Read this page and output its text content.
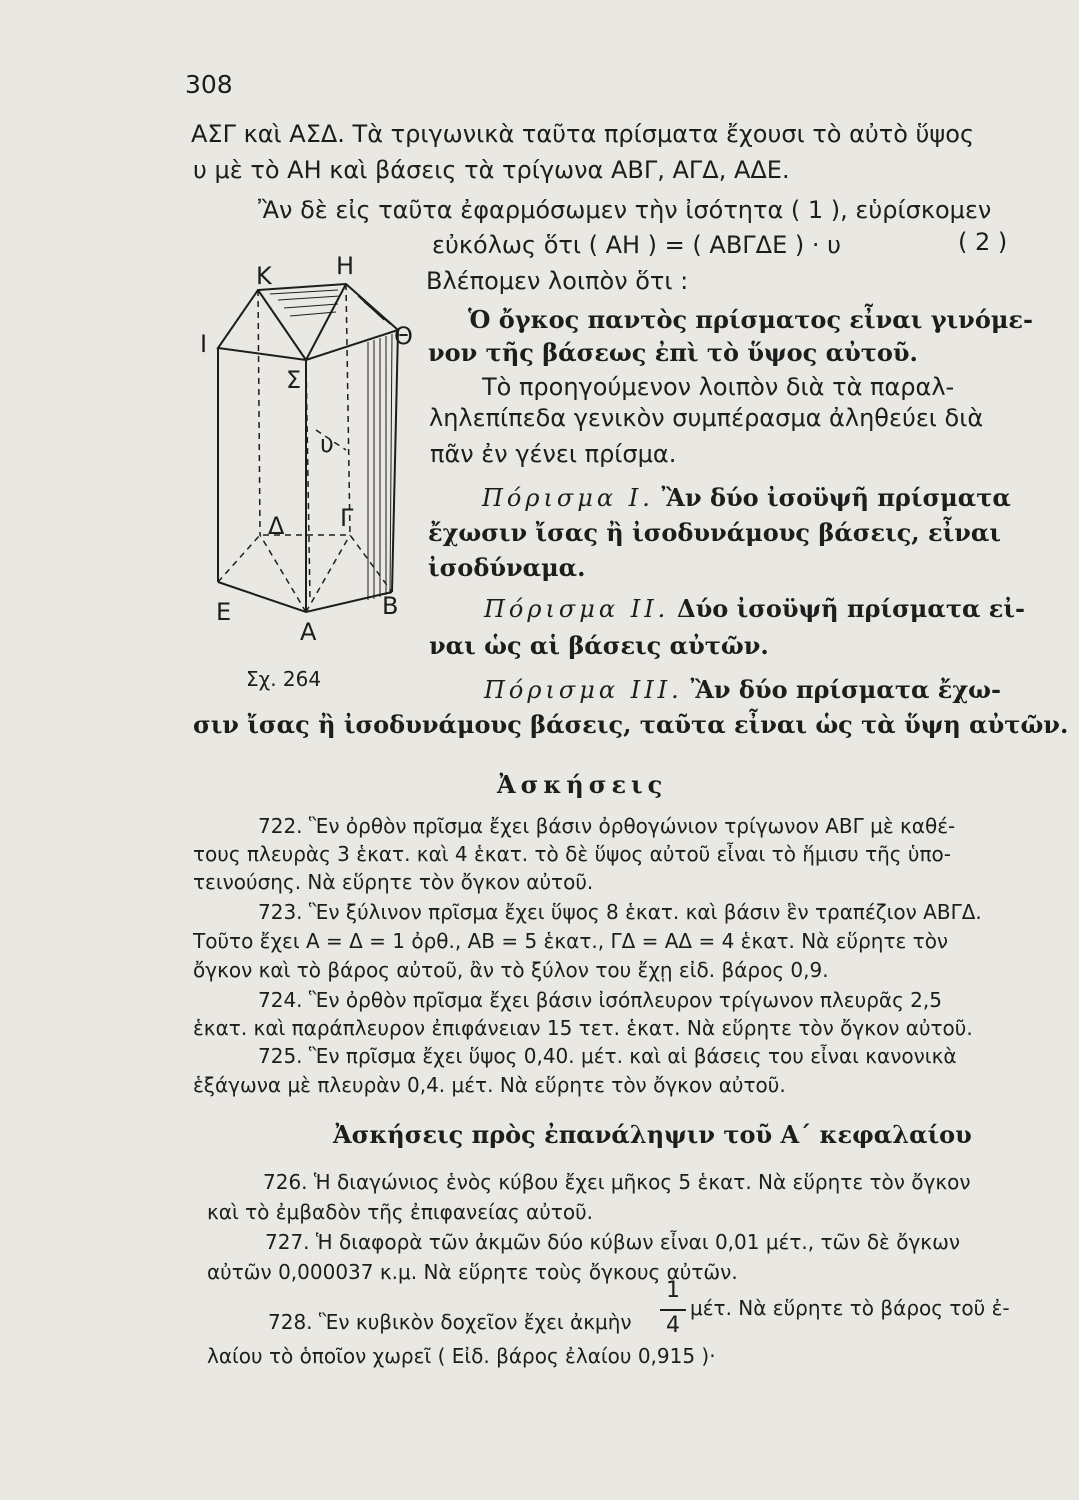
308
ΑΣΓ καὶ ΑΣΔ. Τὰ τριγωνικὰ ταῦτα πρίσματα ἔχουσι τὸ αὐτὸ ὕψος
υ μὲ τὸ ΑΗ καὶ βάσεις τὰ τρίγωνα ΑΒΓ, ΑΓΔ, ΑΔΕ.
Ἂν δὲ εἰς ταῦτα ἐφαρμόσωμεν τὴν ἰσότητα ( 1 ), εὑρίσκομεν
εὐκόλως ὅτι ( ΑΗ ) = ( ΑΒΓΔΕ ) · υ	( 2 )
Βλέπομεν λοιπὸν ὅτι :
Ὁ ὄγκος παντὸς πρίσματος εἶναι γινόμε-
νον τῆς βάσεως ἐπὶ τὸ ὕψος αὐτοῦ.
Τὸ προηγούμενον λοιπὸν διὰ τὰ παραλ-
ληλεπίπεδα γενικὸν συμπέρασμα ἀληθεύει διὰ
πᾶν ἐν γένει πρίσμα.
Πόρισμα Ι. Ἂν δύο ἰσοϋψῆ πρίσματα
ἔχωσιν ἴσας ἢ ἰσοδυνάμους βάσεις, εἶναι
ἰσοδύναμα.
Πόρισμα ΙΙ. Δύο ἰσοϋψῆ πρίσματα εἰ-
ναι ὡς αἱ βάσεις αὐτῶν.
Πόρισμα ΙΙΙ. Ἂν δύο πρίσματα ἔχω-
σιν ἴσας ἢ ἰσοδυνάμους βάσεις, ταῦτα εἶναι ὡς τὰ ὕψη αὐτῶν.
Ἀσκήσεις
722. Ἓν ὀρθὸν πρῖσμα ἔχει βάσιν ὀρθογώνιον τρίγωνον ΑΒΓ μὲ καθέ-
τους πλευρὰς 3 ἑκατ. καὶ 4 ἑκατ. τὸ δὲ ὕψος αὐτοῦ εἶναι τὸ ἥμισυ τῆς ὑπο-
τεινούσης. Νὰ εὕρητε τὸν ὄγκον αὐτοῦ.
723. Ἓν ξύλινον πρῖσμα ἔχει ὕψος 8 ἑκατ. καὶ βάσιν ἓν τραπέζιον ΑΒΓΔ.
Τοῦτο ἔχει Α = Δ = 1 ὀρθ., ΑΒ = 5 ἑκατ., ΓΔ = ΑΔ = 4 ἑκατ. Νὰ εὕρητε τὸν
ὄγκον καὶ τὸ βάρος αὐτοῦ, ἂν τὸ ξύλον του ἔχῃ εἰδ. βάρος 0,9.
724. Ἓν ὀρθὸν πρῖσμα ἔχει βάσιν ἰσόπλευρον τρίγωνον πλευρᾶς 2,5
ἑκατ. καὶ παράπλευρον ἐπιφάνειαν 15 τετ. ἑκατ. Νὰ εὕρητε τὸν ὄγκον αὐτοῦ.
725. Ἓν πρῖσμα ἔχει ὕψος 0,40. μέτ. καὶ αἱ βάσεις του εἶναι κανονικὰ
ἑξάγωνα μὲ πλευρὰν 0,4. μέτ. Νὰ εὕρητε τὸν ὄγκον αὐτοῦ.
Ἀσκήσεις πρὸς ἐπανάληψιν τοῦ Α΄ κεφαλαίου
726. Ἡ διαγώνιος ἑνὸς κύβου ἔχει μῆκος 5 ἑκατ. Νὰ εὕρητε τὸν ὄγκον
καὶ τὸ ἐμβαδὸν τῆς ἐπιφανείας αὐτοῦ.
727. Ἡ διαφορὰ τῶν ἀκμῶν δύο κύβων εἶναι 0,01 μέτ., τῶν δὲ ὄγκων
αὐτῶν 0,000037 κ.μ. Νὰ εὕρητε τοὺς ὄγκους αὐτῶν.
728. Ἓν κυβικὸν δοχεῖον ἔχει ἀκμὴν
1
4
μέτ. Νὰ εὕρητε τὸ βάρος τοῦ ἐ-
λαίου τὸ ὁποῖον χωρεῖ ( Εἰδ. βάρος ἐλαίου 0,915 )·
Κ	Η
Ι	Θ
Σ
υ
Δ Γ
Ε	Β
Α
Σχ. 264
